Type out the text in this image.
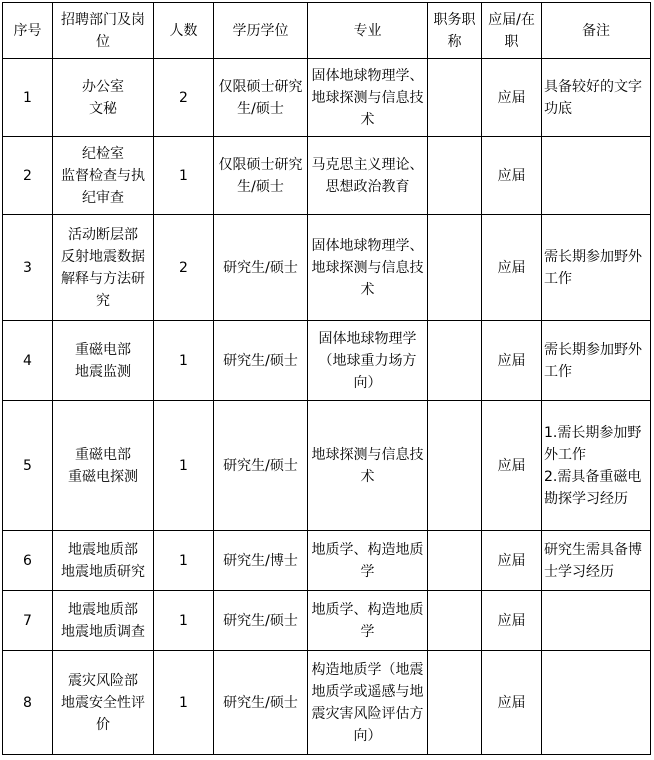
序号	招聘部门及岗位	人数	学历学位	专业	职务职称	应届/在职	备注
1	办公室
文秘	2	仅限硕士研究生/硕士	固体地球物理学、地球探测与信息技术		应届	具备较好的文字功底

2	纪检室
监督检查与执纪审查	1	仅限硕士研究生/硕士	马克思主义理论、思想政治教育		应届	
3	活动断层部
反射地震数据解释与方法研究	2	研究生/硕士	固体地球物理学、地球探测与信息技术		应届	需长期参加野外工作

4	重磁电部
地震监测	1	研究生/硕士	固体地球物理学（地球重力场方向）		应届	需长期参加野外工作

5	重磁电部
重磁电探测	1	研究生/硕士	地球探测与信息技术		应届	1.需长期参加野外工作
2.需具备重磁电勘探学习经历

6	地震地质部
地震地质研究	1	研究生/博士	地质学、构造地质学		应届	研究生需具备博士学习经历

7	地震地质部
地震地质调查	1	研究生/硕士	地质学、构造地质学		应届	
8	震灾风险部
地震安全性评价	1	研究生/硕士	构造地质学（地震地质学或遥感与地震灾害风险评估方向）		应届	
